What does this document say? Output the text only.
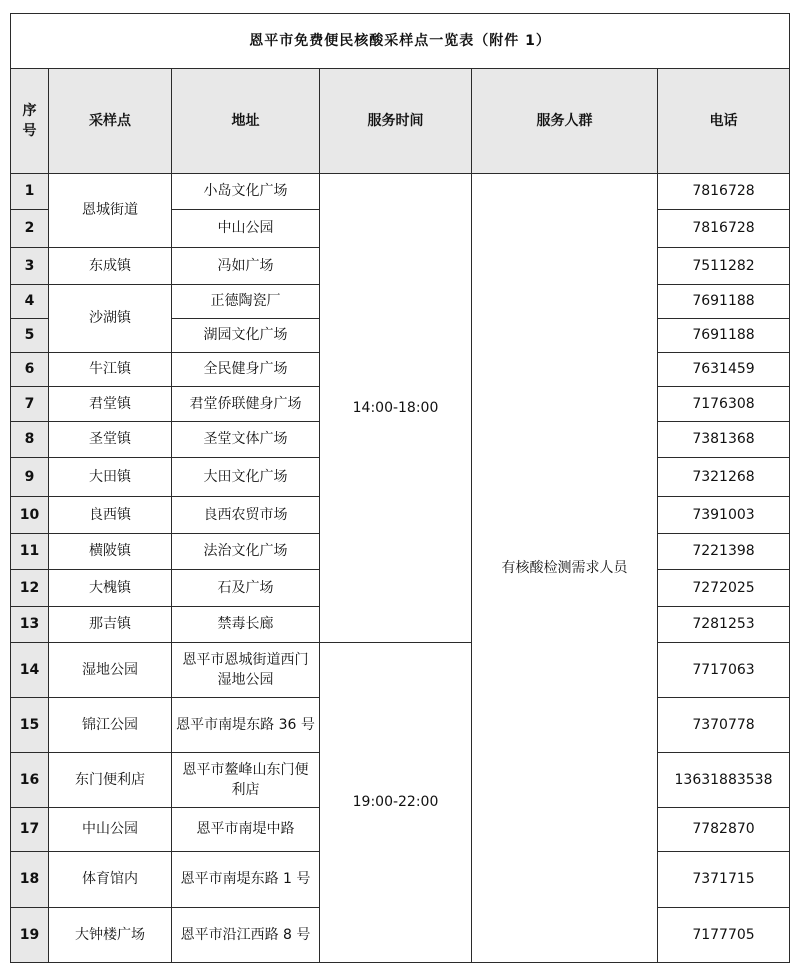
恩平市免费便民核酸采样点一览表（附件 1）					

序
号	采样点	地址	服务时间	服务人群	电话
1	恩城街道	小岛文化广场	14:00-18:00	有核酸检测需求人员	7816728
2		中山公园			7816728
3	东成镇	冯如广场			7511282
4	沙湖镇	正德陶瓷厂			7691188
5		湖园文化广场			7691188
6	牛江镇	全民健身广场			7631459
7	君堂镇	君堂侨联健身广场			7176308
8	圣堂镇	圣堂文体广场			7381368
9	大田镇	大田文化广场			7321268
10	良西镇	良西农贸市场			7391003
11	横陂镇	法治文化广场			7221398
12	大槐镇	石及广场			7272025
13	那吉镇	禁毒长廊			7281253
14	湿地公园	恩平市恩城街道西门湿地公园	19:00-22:00		7717063
15	锦江公园	恩平市南堤东路 36 号			7370778
16	东门便利店	恩平市鳌峰山东门便利店			13631883538
17	中山公园	恩平市南堤中路			7782870
18	体育馆内	恩平市南堤东路 1 号			7371715
19	大钟楼广场	恩平市沿江西路 8 号			7177705
